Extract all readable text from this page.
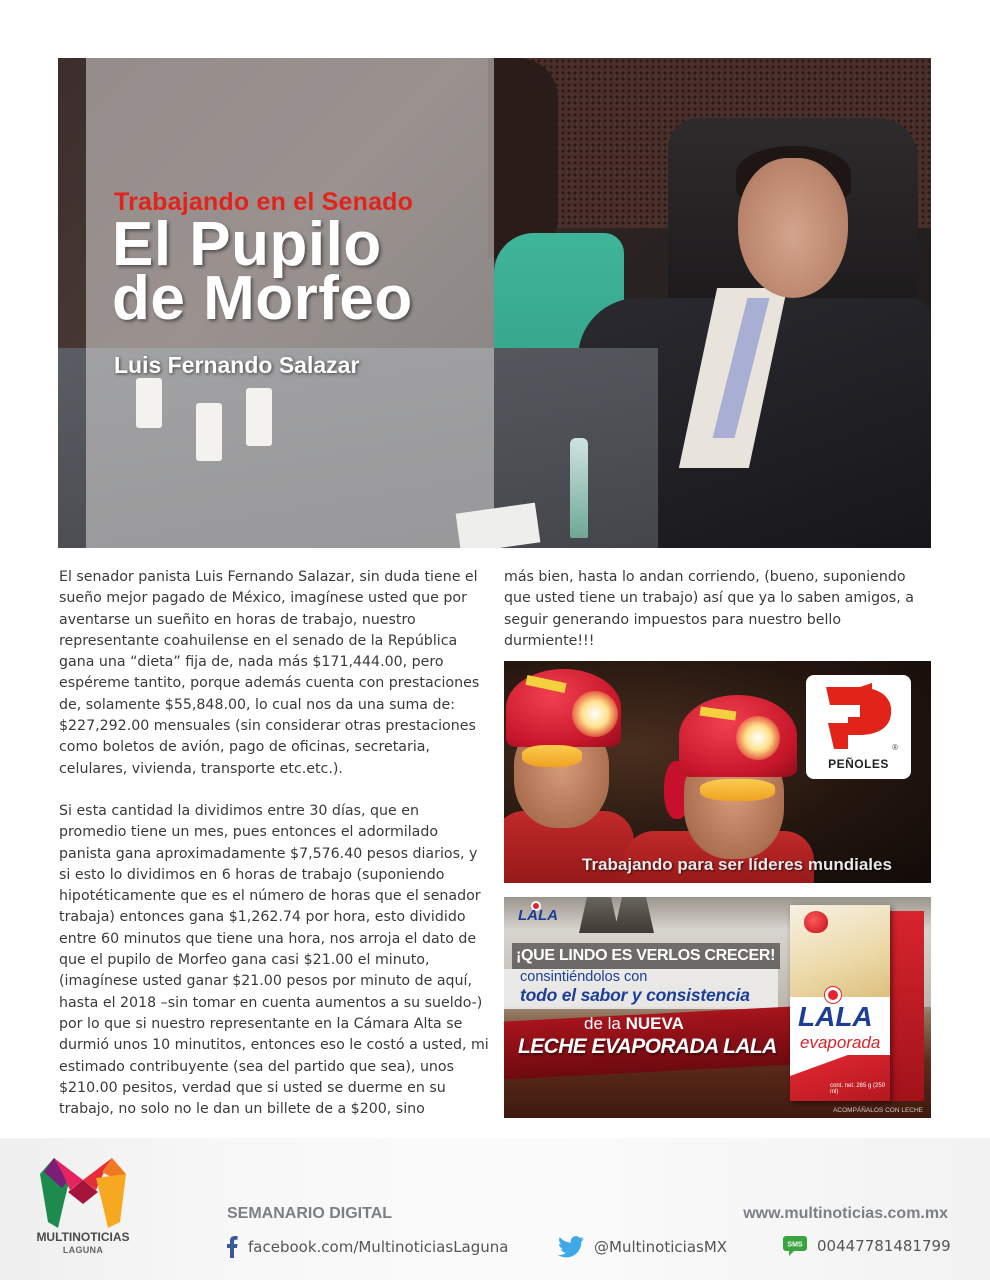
Trabajando en el Senado
El Pupilo
de Morfeo
Luis Fernando Salazar

El senador panista Luis Fernando Salazar, sin duda tiene el sueño mejor pagado de México, imagínese usted que por aventarse un sueñito en horas de trabajo, nuestro representante coahuilense en el senado de la República gana una “dieta” fija de, nada más $171,444.00, pero espéreme tantito, porque además cuenta con prestaciones de, solamente $55,848.00, lo cual nos da una suma de: $227,292.00 mensuales (sin considerar otras prestaciones como boletos de avión, pago de oficinas, secretaria, celulares, vivienda, transporte etc.etc.).

Si esta cantidad la dividimos entre 30 días, que en promedio tiene un mes, pues entonces el adormilado panista gana aproximadamente $7,576.40 pesos diarios, y si esto lo dividimos en 6 horas de trabajo (suponiendo hipotéticamente que es el número de horas que el senador trabaja) entonces gana $1,262.74 por hora, esto dividido entre 60 minutos que tiene una hora, nos arroja el dato de que el pupilo de Morfeo gana casi $21.00 el minuto, (imagínese usted ganar $21.00 pesos por minuto de aquí, hasta el 2018 –sin tomar en cuenta aumentos a su sueldo-) por lo que si nuestro representante en la Cámara Alta se durmió unos 10 minutitos, entonces eso le costó a usted, mi estimado contribuyente (sea del partido que sea), unos $210.00 pesitos, verdad que si usted se duerme en su trabajo, no solo no le dan un billete de a $200, sino

más bien, hasta lo andan corriendo, (bueno, suponiendo que usted tiene un trabajo) así que ya lo saben amigos, a seguir generando impuestos para nuestro bello durmiente!!!

®
PEÑOLES
Trabajando para ser líderes mundiales
LALA
¡QUE LINDO ES VERLOS CRECER!
consintiéndolos con
todo el sabor y consistencia
de la NUEVA
LECHE EVAPORADA LALA
LALA
evaporada
cont. net. 265 g (250 ml)
ACOMPÁÑALOS CON LECHE
MULTINOTICIAS
LAGUNA
SEMANARIO DIGITAL	www.multinoticias.com.mx
facebook.com/MultinoticiasLaguna	@MultinoticiasMX	SMS 00447781481799
